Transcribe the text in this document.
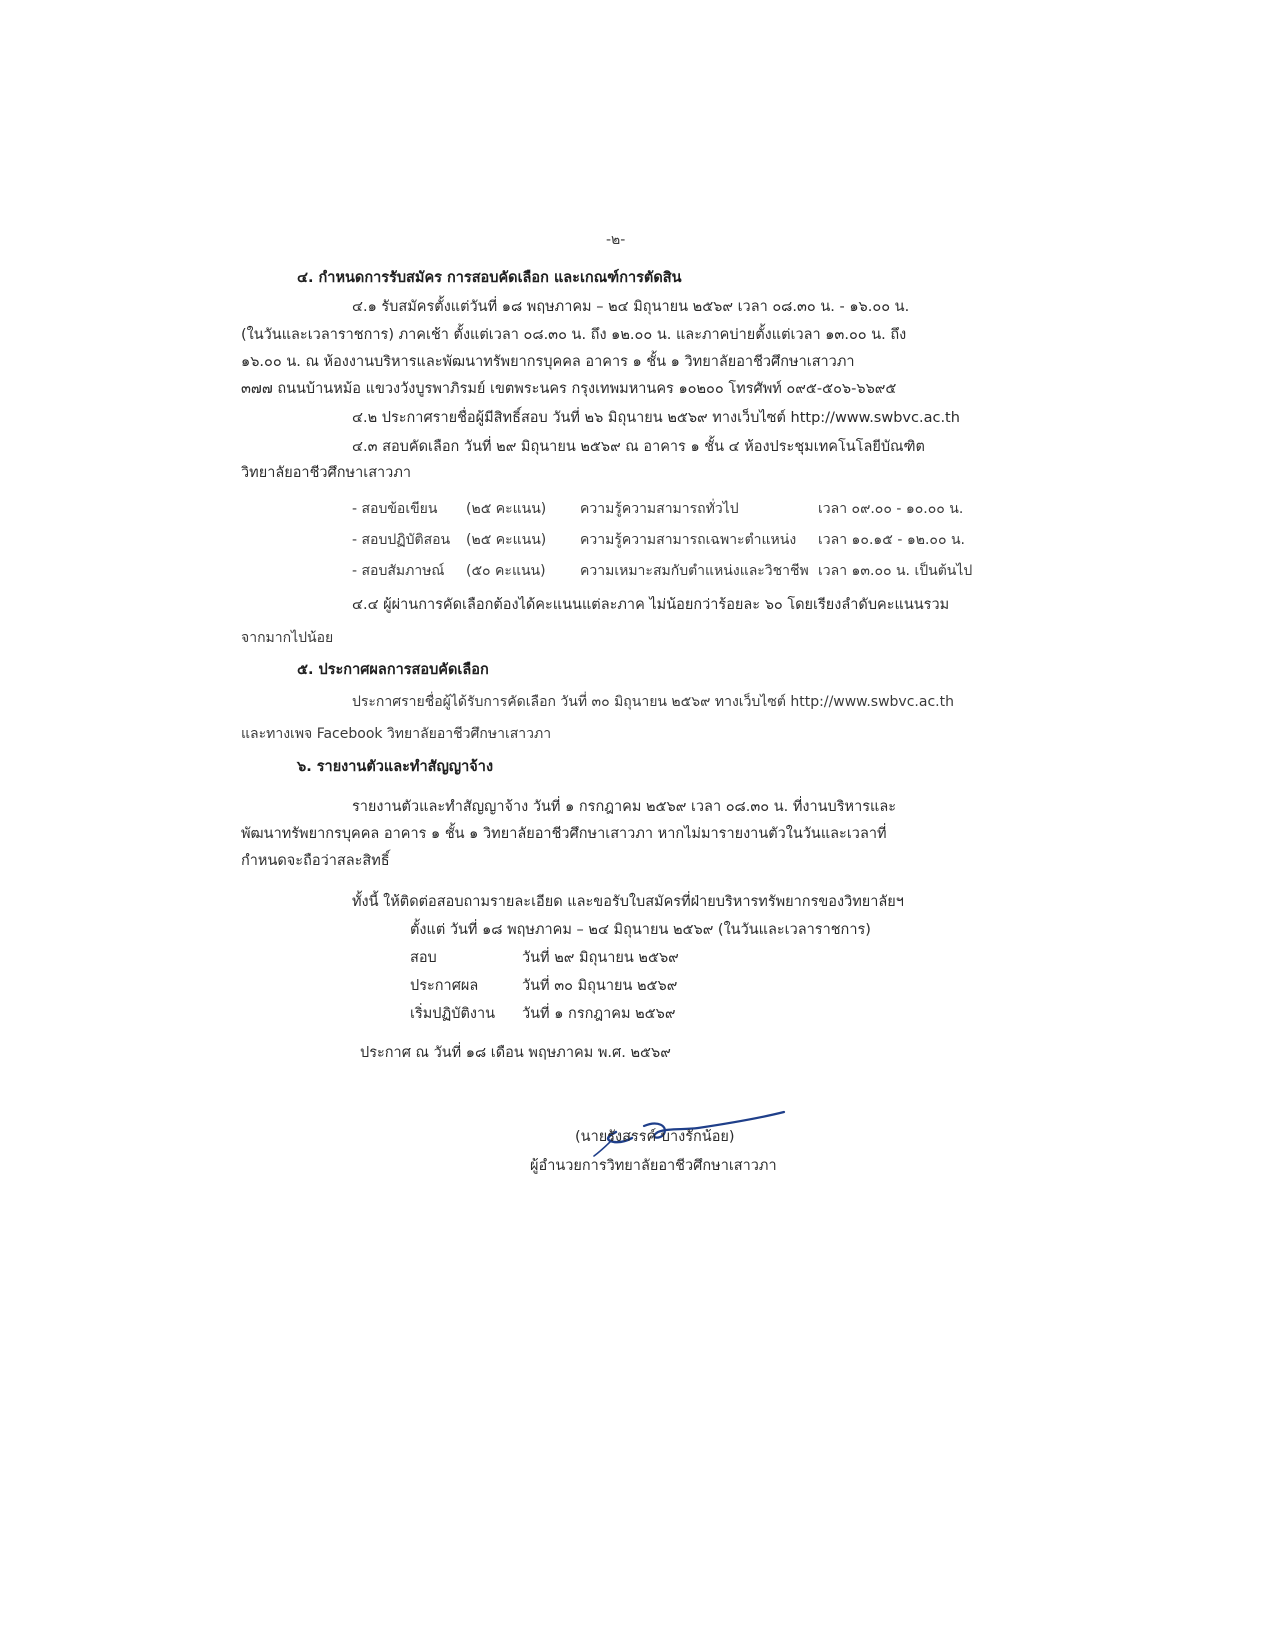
-๒-
๔. กำหนดการรับสมัคร การสอบคัดเลือก และเกณฑ์การตัดสิน
๔.๑ รับสมัครตั้งแต่วันที่ ๑๘ พฤษภาคม – ๒๔ มิถุนายน ๒๕๖๙ เวลา ๐๘.๓๐ น. - ๑๖.๐๐ น.
(ในวันและเวลาราชการ) ภาคเช้า ตั้งแต่เวลา ๐๘.๓๐ น. ถึง ๑๒.๐๐ น. และภาคบ่ายตั้งแต่เวลา ๑๓.๐๐ น. ถึง
๑๖.๐๐ น. ณ ห้องงานบริหารและพัฒนาทรัพยากรบุคคล อาคาร ๑ ชั้น ๑ วิทยาลัยอาชีวศึกษาเสาวภา
๓๗๗ ถนนบ้านหม้อ แขวงวังบูรพาภิรมย์ เขตพระนคร กรุงเทพมหานคร ๑๐๒๐๐ โทรศัพท์ ๐๙๕-๕๐๖-๖๖๙๕
๔.๒ ประกาศรายชื่อผู้มีสิทธิ์สอบ วันที่ ๒๖ มิถุนายน ๒๕๖๙ ทางเว็บไซต์ http://www.swbvc.ac.th
๔.๓ สอบคัดเลือก วันที่ ๒๙ มิถุนายน ๒๕๖๙ ณ อาคาร ๑ ชั้น ๔ ห้องประชุมเทคโนโลยีบัณฑิต
วิทยาลัยอาชีวศึกษาเสาวภา
- สอบข้อเขียน (๒๕ คะแนน) ความรู้ความสามารถทั่วไป	เวลา ๐๙.๐๐ - ๑๐.๐๐ น.
- สอบปฏิบัติสอน (๒๕ คะแนน) ความรู้ความสามารถเฉพาะตำแหน่ง เวลา ๑๐.๑๕ - ๑๒.๐๐ น.
- สอบสัมภาษณ์ (๕๐ คะแนน) ความเหมาะสมกับตำแหน่งและวิชาชีพ เวลา ๑๓.๐๐ น. เป็นต้นไป
๔.๔ ผู้ผ่านการคัดเลือกต้องได้คะแนนแต่ละภาค ไม่น้อยกว่าร้อยละ ๖๐ โดยเรียงลำดับคะแนนรวม
จากมากไปน้อย
๕. ประกาศผลการสอบคัดเลือก
ประกาศรายชื่อผู้ได้รับการคัดเลือก วันที่ ๓๐ มิถุนายน ๒๕๖๙ ทางเว็บไซต์ http://www.swbvc.ac.th
และทางเพจ Facebook วิทยาลัยอาชีวศึกษาเสาวภา
๖. รายงานตัวและทำสัญญาจ้าง
รายงานตัวและทำสัญญาจ้าง วันที่ ๑ กรกฎาคม ๒๕๖๙ เวลา ๐๘.๓๐ น. ที่งานบริหารและ
พัฒนาทรัพยากรบุคคล อาคาร ๑ ชั้น ๑ วิทยาลัยอาชีวศึกษาเสาวภา หากไม่มารายงานตัวในวันและเวลาที่
กำหนดจะถือว่าสละสิทธิ์
ทั้งนี้ ให้ติดต่อสอบถามรายละเอียด และขอรับใบสมัครที่ฝ่ายบริหารทรัพยากรของวิทยาลัยฯ
ตั้งแต่ วันที่ ๑๘ พฤษภาคม – ๒๔ มิถุนายน ๒๕๖๙ (ในวันและเวลาราชการ)
สอบ	วันที่ ๒๙ มิถุนายน ๒๕๖๙
ประกาศผล	วันที่ ๓๐ มิถุนายน ๒๕๖๙
เริ่มปฏิบัติงาน วันที่ ๑ กรกฎาคม ๒๕๖๙
ประกาศ ณ วันที่ ๑๘ เดือน พฤษภาคม พ.ศ. ๒๕๖๙
(นายรังสรรค์ บางรักน้อย)
ผู้อำนวยการวิทยาลัยอาชีวศึกษาเสาวภา
